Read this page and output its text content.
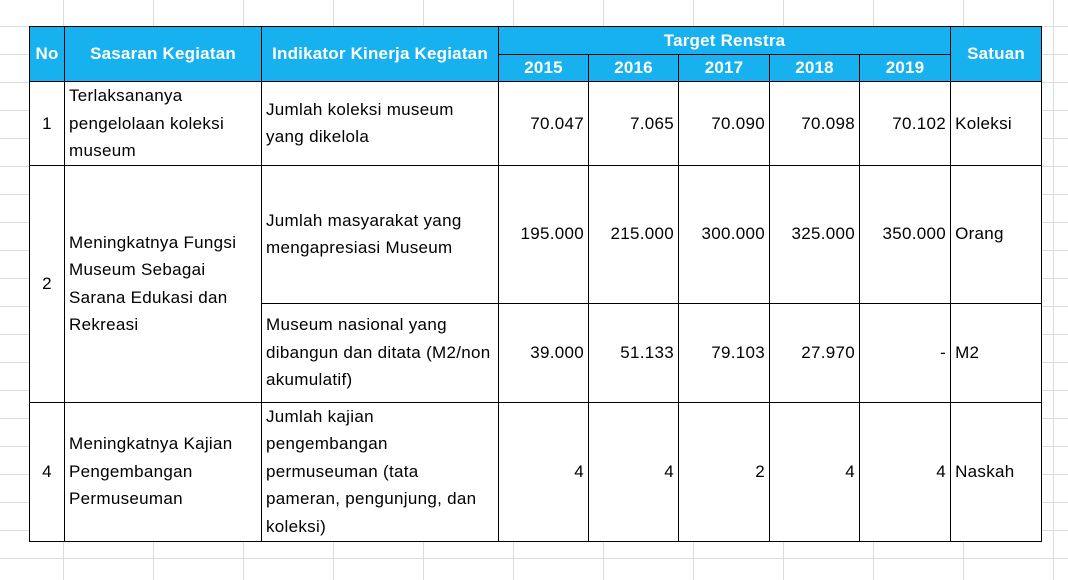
No	Sasaran Kegiatan	Indikator Kinerja Kegiatan	Target Renstra					Satuan
			2015	2016	2017	2018	2019	
1	Terlaksananya pengelolaan koleksi museum	Jumlah koleksi museum yang dikelola	70.047	7.065	70.090	70.098	70.102	Koleksi
2	Meningkatnya Fungsi Museum Sebagai Sarana Edukasi dan Rekreasi	Jumlah masyarakat yang mengapresiasi Museum	195.000	215.000	300.000	325.000	350.000	Orang
		Museum nasional yang dibangun dan ditata (M2/non akumulatif)	39.000	51.133	79.103	27.970	-	M2
4	Meningkatnya Kajian Pengembangan Permuseuman	Jumlah kajian pengembangan permuseuman (tata pameran, pengunjung, dan koleksi)	4	4	2	4	4	Naskah
